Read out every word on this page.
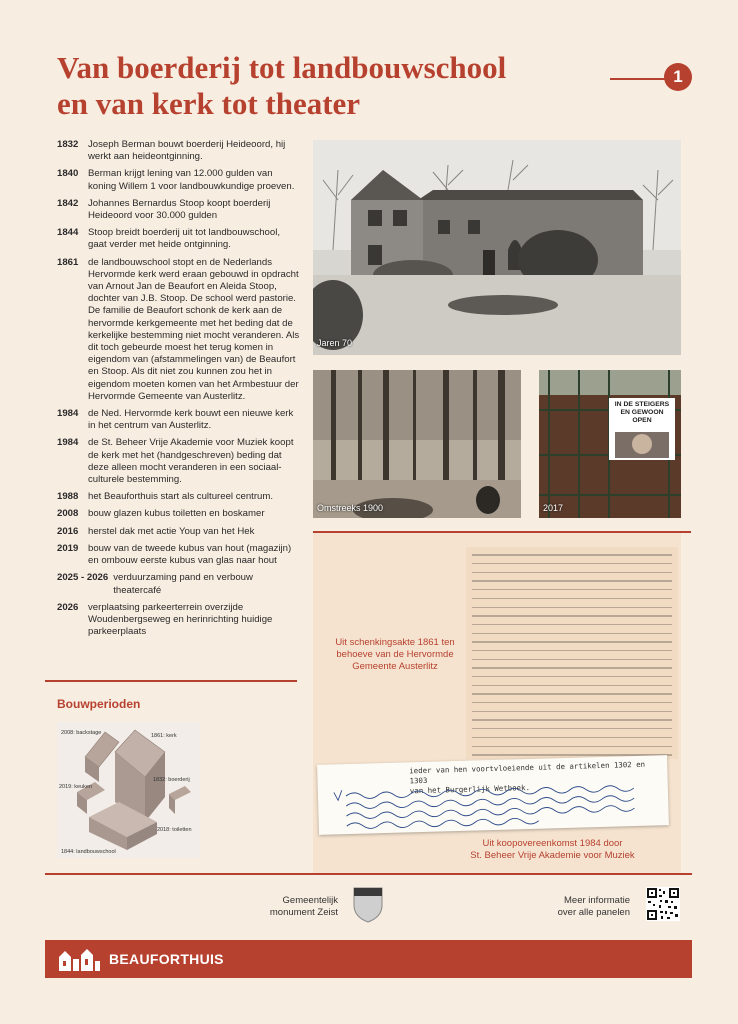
Van boerderij tot landbouwschool
en van kerk tot theater
1
1832	Joseph Berman bouwt boerderij Heideoord, hij werkt aan heideontginning.
1840	Berman krijgt lening van 12.000 gulden van koning Willem 1 voor landbouwkundige proeven.
1842	Johannes Bernardus Stoop koopt boerderij Heideoord voor 30.000 gulden
1844	Stoop breidt boerderij uit tot landbouwschool, gaat verder met heide ontginning.
1861	de landbouwschool stopt en de Nederlands Hervormde kerk werd eraan gebouwd in opdracht van Arnout Jan de Beaufort en Aleida Stoop, dochter van J.B. Stoop. De school werd pastorie. De familie de Beaufort schonk de kerk aan de hervormde kerkgemeente met het beding dat de kerkelijke bestemming niet mocht veranderen. Als dit toch gebeurde moest het terug komen in eigendom van (afstammelingen van) de Beaufort en Stoop. Als dit niet zou kunnen zou het in eigendom moeten komen van het Armbestuur der Hervormde Gemeente van Austerlitz.
1984	de Ned. Hervormde kerk bouwt een nieuwe kerk in het centrum van Austerlitz.
1984	de St. Beheer Vrije Akademie voor Muziek koopt de kerk met het (handgeschreven) beding dat deze alleen mocht veranderen in een sociaal-culturele bestemming.
1988	het Beauforthuis start als cultureel centrum.
2008	bouw glazen kubus toiletten en boskamer
2016	herstel dak met actie Youp van het Hek
2019	bouw van de tweede kubus van hout (magazijn) en ombouw eerste kubus van glas naar hout
2025 - 2026 verduurzaming pand en verbouw theatercafé
2026	verplaatsing parkeerterrein overzijde Woudenbergseweg en herinrichting huidige parkeerplaats
Bouwperioden
2008: backstage	1861: kerk
1832: boerderij
2019: keuken
2018: toiletten
1844: landbouwschool
Jaren 70
Omstreeks 1900
IN DE STEIGERS
EN GEWOON
OPEN
2017
Uit schenkingsakte 1861 ten
behoeve van de Hervormde
Gemeente Austerlitz
ieder van hen voortvloeiende uit de artikelen 1302 en 1303
van het Burgerlijk Wetboek.
Uit koopovereenkomst 1984 door
St. Beheer Vrije Akademie voor Muziek
Gemeentelijk
monument Zeist
Meer informatie
over alle panelen
BEAUFORTHUIS
